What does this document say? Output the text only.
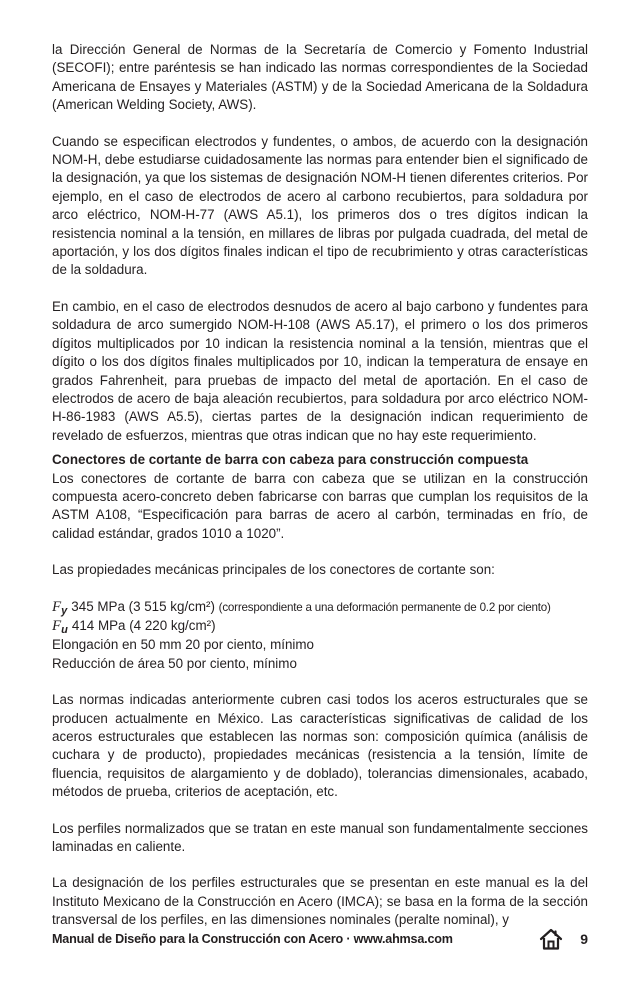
la Dirección General de Normas de la Secretaría de Comercio y Fomento Industrial (SECOFI); entre paréntesis se han indicado las normas correspondientes de la Sociedad Americana de Ensayes y Materiales (ASTM) y de la Sociedad Americana de la Soldadura (American Welding Society, AWS).

Cuando se especifican electrodos y fundentes, o ambos, de acuerdo con la designación NOM-H, debe estudiarse cuidadosamente las normas para entender bien el significado de la designación, ya que los sistemas de designación NOM-H tienen diferentes criterios. Por ejemplo, en el caso de electrodos de acero al carbono recubiertos, para soldadura por arco eléctrico, NOM-H-77 (AWS A5.1), los primeros dos o tres dígitos indican la resistencia nominal a la tensión, en millares de libras por pulgada cuadrada, del metal de aportación, y los dos dígitos finales indican el tipo de recubrimiento y otras características de la soldadura.

En cambio, en el caso de electrodos desnudos de acero al bajo carbono y fundentes para soldadura de arco sumergido NOM-H-108 (AWS A5.17), el primero o los dos primeros dígitos multiplicados por 10 indican la resistencia nominal a la tensión, mientras que el dígito o los dos dígitos finales multiplicados por 10, indican la temperatura de ensaye en grados Fahrenheit, para pruebas de impacto del metal de aportación. En el caso de electrodos de acero de baja aleación recubiertos, para soldadura por arco eléctrico NOM-H-86-1983 (AWS A5.5), ciertas partes de la designación indican requerimiento de revelado de esfuerzos, mientras que otras indican que no hay este requerimiento.

Conectores de cortante de barra con cabeza para construcción compuesta

Los conectores de cortante de barra con cabeza que se utilizan en la construcción compuesta acero-concreto deben fabricarse con barras que cumplan los requisitos de la ASTM A108, “Especificación para barras de acero al carbón, terminadas en frío, de calidad estándar, grados 1010 a 1020”.

Las propiedades mecánicas principales de los conectores de cortante son:

$F_y$ 345 MPa (3 515 kg/cm²) (correspondiente a una deformación permanente de 0.2 por ciento)
$F_u$ 414 MPa (4 220 kg/cm²)

Elongación en 50 mm 20 por ciento, mínimo

Reducción de área 50 por ciento, mínimo

Las normas indicadas anteriormente cubren casi todos los aceros estructurales que se producen actualmente en México. Las características significativas de calidad de los aceros estructurales que establecen las normas son: composición química (análisis de cuchara y de producto), propiedades mecánicas (resistencia a la tensión, límite de fluencia, requisitos de alargamiento y de doblado), tolerancias dimensionales, acabado, métodos de prueba, criterios de aceptación, etc.

Los perfiles normalizados que se tratan en este manual son fundamentalmente secciones laminadas en caliente.

La designación de los perfiles estructurales que se presentan en este manual es la del Instituto Mexicano de la Construcción en Acero (IMCA); se basa en la forma de la sección transversal de los perfiles, en las dimensiones nominales (peralte nominal), y

Manual de Diseño para la Construcción con Acero · www.ahmsa.com	9
